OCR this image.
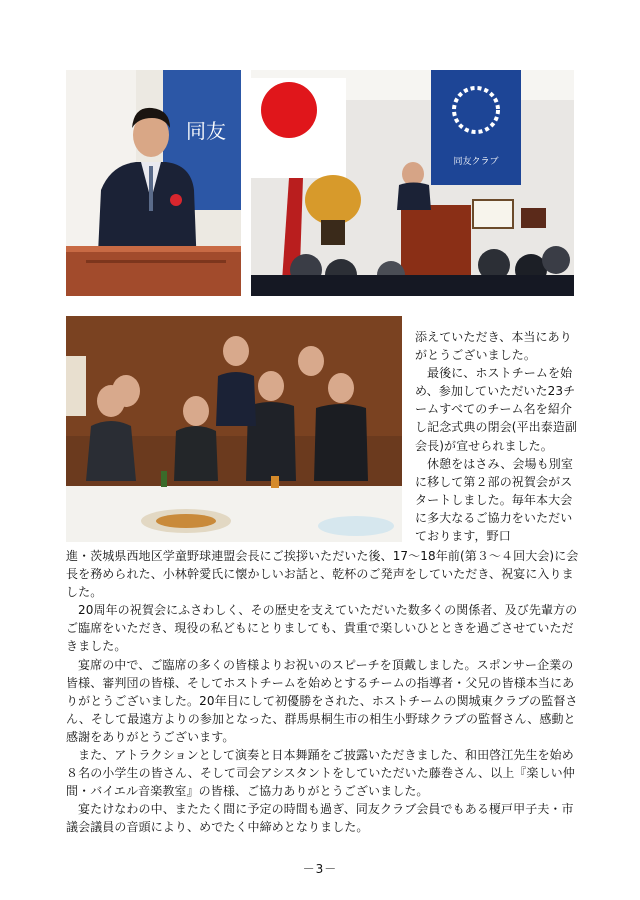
同友
同友クラブ

添えていただき、本当にありがとうございました。

最後に、ホストチームを始め、参加していただいた23チームすべてのチーム名を紹介し記念式典の閉会(平出泰造副会長)が宣せられました。

休憩をはさみ、会場も別室に移して第２部の祝賀会がスタートしました。毎年本大会に多大なるご協力をいただいております，野口

進・茨城県西地区学童野球連盟会長にご挨拶いただいた後、17～18年前(第３～４回大会)に会長を務められた、小林幹愛氏に懐かしいお話と、乾杯のご発声をしていただき、祝宴に入りました。

20周年の祝賀会にふさわしく、その歴史を支えていただいた数多くの関係者、及び先輩方のご臨席をいただき、現役の私どもにとりましても、貴重で楽しいひとときを過ごさせていただきました。

宴席の中で、ご臨席の多くの皆様よりお祝いのスピーチを頂戴しました。スポンサー企業の皆様、審判団の皆様、そしてホストチームを始めとするチームの指導者・父兄の皆様本当にありがとうございました。20年目にして初優勝をされた、ホストチームの関城東クラブの監督さん、そして最遠方よりの参加となった、群馬県桐生市の相生小野球クラブの監督さん、感動と感謝をありがとうございます。

また、アトラクションとして演奏と日本舞踊をご披露いただきました、和田啓江先生を始め８名の小学生の皆さん、そして司会アシスタントをしていただいた藤巻さん、以上『楽しい仲間・バイエル音楽教室』の皆様、ご協力ありがとうございました。

宴たけなわの中、またたく間に予定の時間も過ぎ、同友クラブ会員でもある榎戸甲子夫・市議会議員の音頭により、めでたく中締めとなりました。

－3－
